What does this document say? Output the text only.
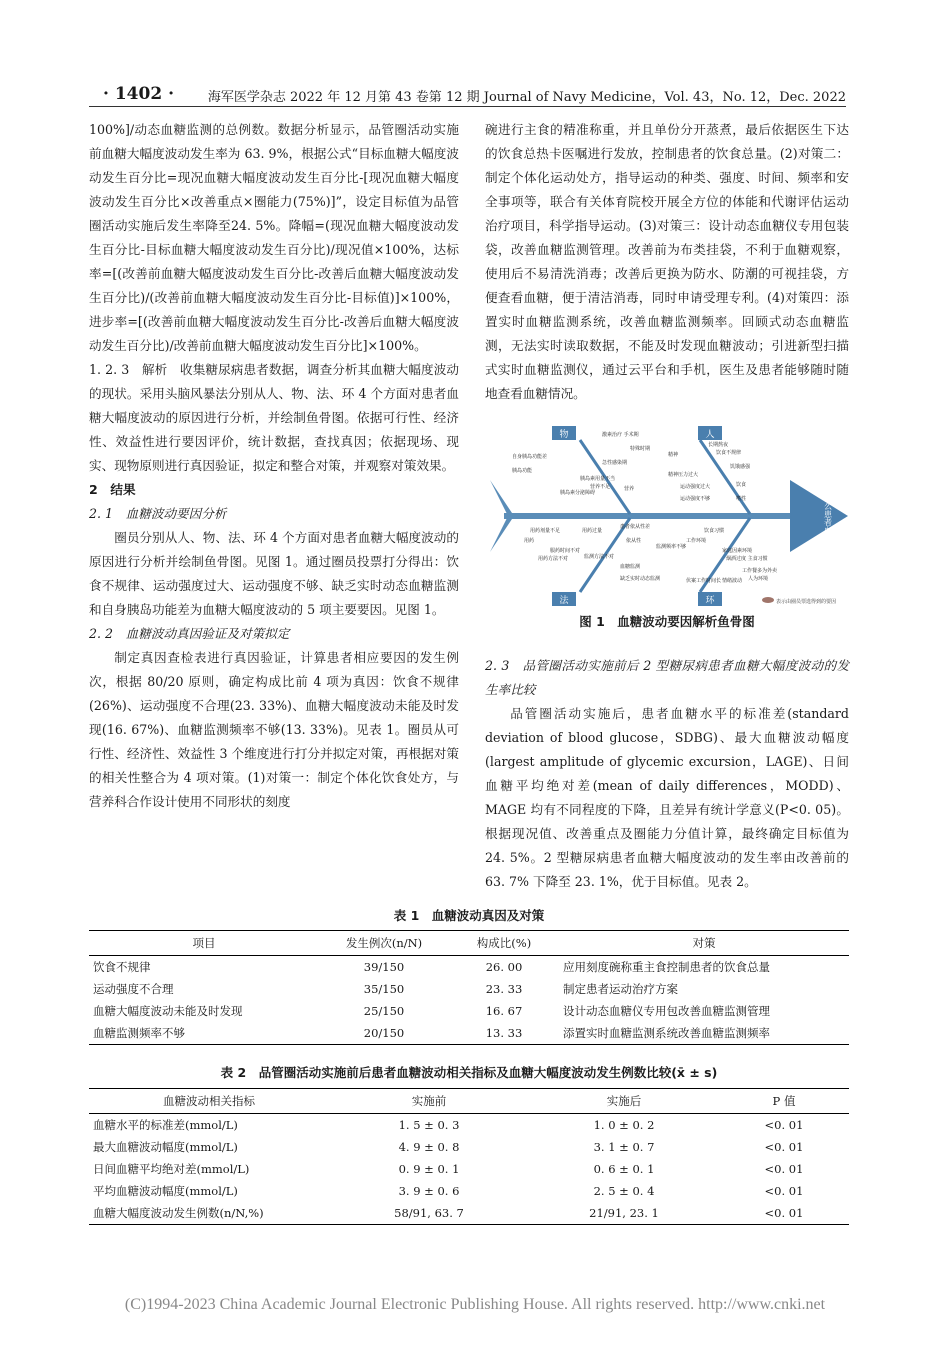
· 1402 ·	海军医学杂志 2022 年 12 月第 43 卷第 12 期 Journal of Navy Medicine，Vol. 43，No. 12，Dec. 2022

100%]/动态血糖监测的总例数。数据分析显示，品管圈活动实施前血糖大幅度波动发生率为 63. 9%，根据公式“目标血糖大幅度波动发生百分比=现况血糖大幅度波动发生百分比-[现况血糖大幅度波动发生百分比×改善重点×圈能力(75%)]”，设定目标值为品管圈活动实施后发生率降至24. 5%。降幅=(现况血糖大幅度波动发生百分比-目标血糖大幅度波动发生百分比)/现况值×100%，达标率=[(改善前血糖大幅度波动发生百分比-改善后血糖大幅度波动发生百分比)/(改善前血糖大幅度波动发生百分比-目标值)]×100%，进步率=[(改善前血糖大幅度波动发生百分比-改善后血糖大幅度波动发生百分比)/改善前血糖大幅度波动发生百分比]×100%。

1. 2. 3　解析　收集糖尿病患者数据，调查分析其血糖大幅度波动的现状。采用头脑风暴法分别从人、物、法、环 4 个方面对患者血糖大幅度波动的原因进行分析，并绘制鱼骨图。依据可行性、经济性、效益性进行要因评价，统计数据，查找真因；依据现场、现实、现物原则进行真因验证，拟定和整合对策，并观察对策效果。

2　结果

2. 1　血糖波动要因分析

圈员分别从人、物、法、环 4 个方面对患者血糖大幅度波动的原因进行分析并绘制鱼骨图。见图 1。通过圈员投票打分得出：饮食不规律、运动强度过大、运动强度不够、缺乏实时动态血糖监测和自身胰岛功能差为血糖大幅度波动的 5 项主要要因。见图 1。

2. 2　血糖波动真因验证及对策拟定

制定真因查检表进行真因验证，计算患者相应要因的发生例次，根据 80/20 原则，确定构成比前 4 项为真因：饮食不规律(26%)、运动强度不合理(23. 33%)、血糖大幅度波动未能及时发现(16. 67%)、血糖监测频率不够(13. 33%)。见表 1。圈员从可行性、经济性、效益性 3 个维度进行打分并拟定对策，再根据对策的相关性整合为 4 项对策。(1)对策一：制定个体化饮食处方，与营养科合作设计使用不同形状的刻度

碗进行主食的精准称重，并且单份分开蒸煮，最后依据医生下达的饮食总热卡医嘱进行发放，控制患者的饮食总量。(2)对策二：制定个体化运动处方，指导运动的种类、强度、时间、频率和安全事项等，联合有关体育院校开展全方位的体能和代谢评估运动治疗项目，科学指导运动。(3)对策三：设计动态血糖仪专用包装袋，改善血糖监测管理。改善前为布类挂袋，不利于血糖观察，使用后不易清洗消毒；改善后更换为防水、防潮的可视挂袋，方便查看血糖，便于清洁消毒，同时申请受理专利。(4)对策四：添置实时血糖监测系统，改善血糖监测频率。回顾式动态血糖监测，无法实时读取数据，不能及时发现血糖波动；引进新型扫描式实时血糖监测仪，通过云平台和手机，医生及患者能够随时随地查看血糖情况。

物	人
法	环
为什么患者血糖波动大
激素治疗 手术期
特殊时期
自身胰岛功能差
急性感染期
胰岛功能
胰岛素用量不当
营养不足	营养
胰岛素分泌障碍
长期熬夜
精神	饮食不规律
饥饿感强
精神压力过大
饮食
运动强度过大
运动强度不够	嗜性
用药
用药剂量不足	用药过量
患者依从性差
依从性
血糖监测
缺乏实时动态监测
监测频率不够
工作环境
伏案工作时间长
工作餐多为外卖
人为环境
环境
家庭因素
烟酒过度 主食习惯
情绪波动
饮食习惯
用药方法不对
服药时间不对
监测方法不对
表示由圈员票选得到的要因
图 1　血糖波动要因解析鱼骨图

2. 3　品管圈活动实施前后 2 型糖尿病患者血糖大幅度波动的发生率比较

品管圈活动实施后，患者血糖水平的标准差(standard deviation of blood glucose，SDBG)、最大血糖波动幅度(largest amplitude of glycemic excursion，LAGE)、日间血糖平均绝对差(mean of daily differences，MODD)、MAGE 均有不同程度的下降，且差异有统计学意义(P<0. 05)。根据现况值、改善重点及圈能力分值计算，最终确定目标值为 24. 5%。2 型糖尿病患者血糖大幅度波动的发生率由改善前的 63. 7% 下降至 23. 1%，优于目标值。见表 2。

表 1　血糖波动真因及对策
项目	发生例次(n/N)	构成比(%)	对策
饮食不规律	39/150	26. 00	应用刻度碗称重主食控制患者的饮食总量
运动强度不合理	35/150	23. 33	制定患者运动治疗方案
血糖大幅度波动未能及时发现	25/150	16. 67	设计动态血糖仪专用包改善血糖监测管理
血糖监测频率不够	20/150	13. 33	添置实时血糖监测系统改善血糖监测频率
表 2　品管圈活动实施前后患者血糖波动相关指标及血糖大幅度波动发生例数比较(x̄ ± s)
血糖波动相关指标	实施前	实施后	P 值
血糖水平的标准差(mmol/L)	1. 5 ± 0. 3	1. 0 ± 0. 2	<0. 01
最大血糖波动幅度(mmol/L)	4. 9 ± 0. 8	3. 1 ± 0. 7	<0. 01
日间血糖平均绝对差(mmol/L)	0. 9 ± 0. 1	0. 6 ± 0. 1	<0. 01
平均血糖波动幅度(mmol/L)	3. 9 ± 0. 6	2. 5 ± 0. 4	<0. 01
血糖大幅度波动发生例数(n/N,%)	58/91, 63. 7	21/91, 23. 1	<0. 01
(C)1994-2023 China Academic Journal Electronic Publishing House. All rights reserved. http://www.cnki.net
